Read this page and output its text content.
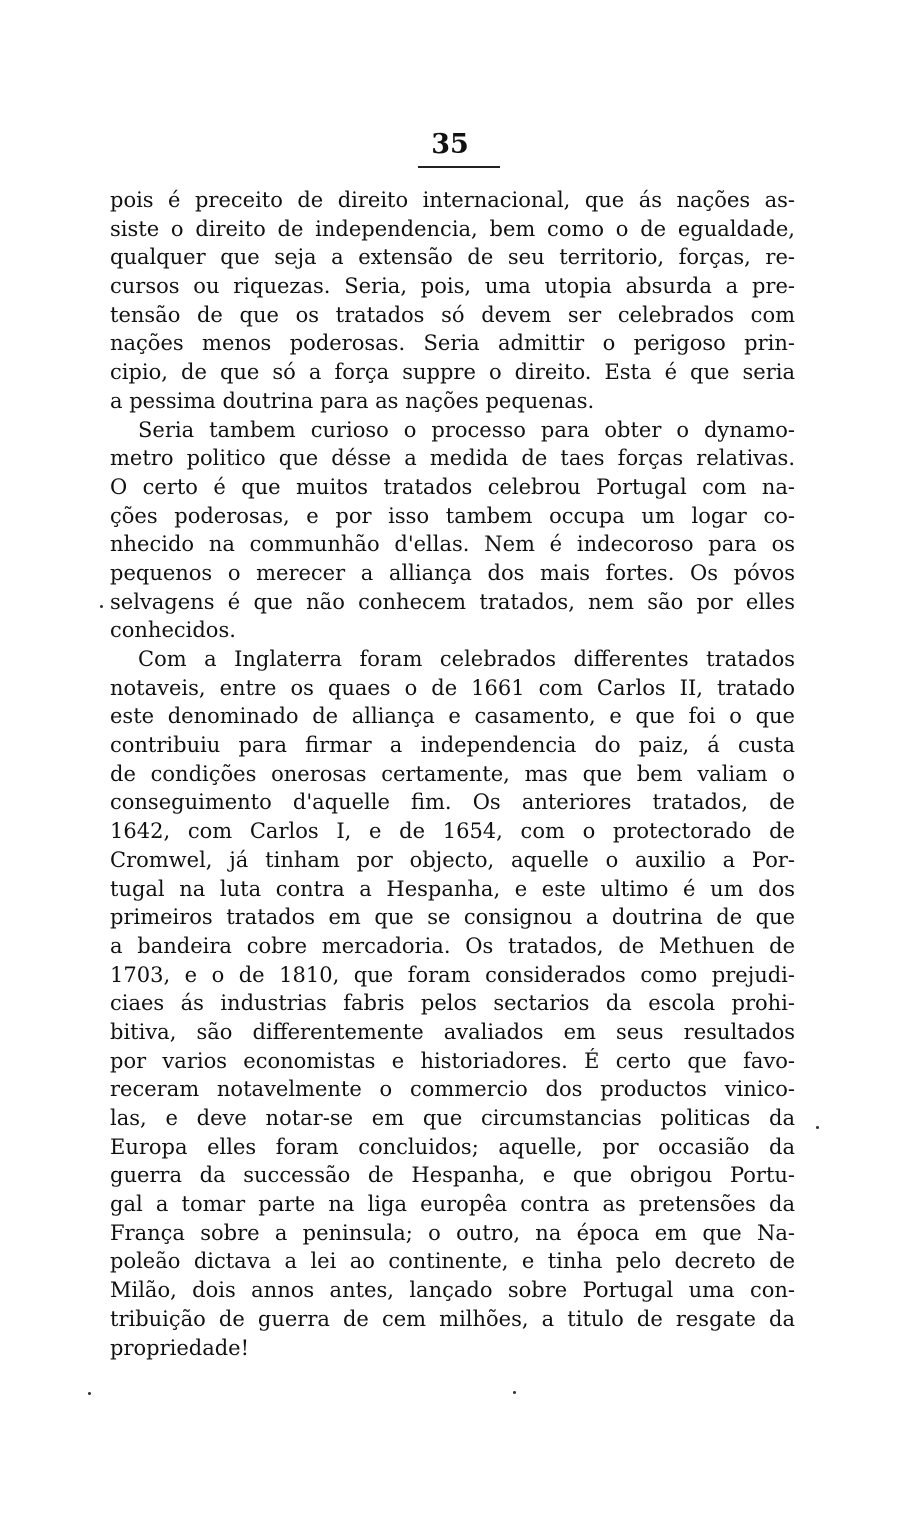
35
pois é preceito de direito internacional, que ás nações as-
siste o direito de independencia, bem como o de egualdade,
qualquer que seja a extensão de seu territorio, forças, re-
cursos ou riquezas. Seria, pois, uma utopia absurda a pre-
tensão de que os tratados só devem ser celebrados com
nações menos poderosas. Seria admittir o perigoso prin-
cipio, de que só a força suppre o direito. Esta é que seria
a pessima doutrina para as nações pequenas.
Seria tambem curioso o processo para obter o dynamo-
metro politico que désse a medida de taes forças relativas.
O certo é que muitos tratados celebrou Portugal com na-
ções poderosas, e por isso tambem occupa um logar co-
nhecido na communhão d'ellas. Nem é indecoroso para os
pequenos o merecer a alliança dos mais fortes. Os póvos
selvagens é que não conhecem tratados, nem são por elles
conhecidos.
Com a Inglaterra foram celebrados differentes tratados
notaveis, entre os quaes o de 1661 com Carlos II, tratado
este denominado de alliança e casamento, e que foi o que
contribuiu para firmar a independencia do paiz, á custa
de condições onerosas certamente, mas que bem valiam o
conseguimento d'aquelle fim. Os anteriores tratados, de
1642, com Carlos I, e de 1654, com o protectorado de
Cromwel, já tinham por objecto, aquelle o auxilio a Por-
tugal na luta contra a Hespanha, e este ultimo é um dos
primeiros tratados em que se consignou a doutrina de que
a bandeira cobre mercadoria. Os tratados, de Methuen de
1703, e o de 1810, que foram considerados como prejudi-
ciaes ás industrias fabris pelos sectarios da escola prohi-
bitiva, são differentemente avaliados em seus resultados
por varios economistas e historiadores. É certo que favo-
receram notavelmente o commercio dos productos vinico-
las, e deve notar-se em que circumstancias politicas da
Europa elles foram concluidos; aquelle, por occasião da
guerra da successão de Hespanha, e que obrigou Portu-
gal a tomar parte na liga europêa contra as pretensões da
França sobre a peninsula; o outro, na época em que Na-
poleão dictava a lei ao continente, e tinha pelo decreto de
Milão, dois annos antes, lançado sobre Portugal uma con-
tribuição de guerra de cem milhões, a titulo de resgate da
propriedade!
